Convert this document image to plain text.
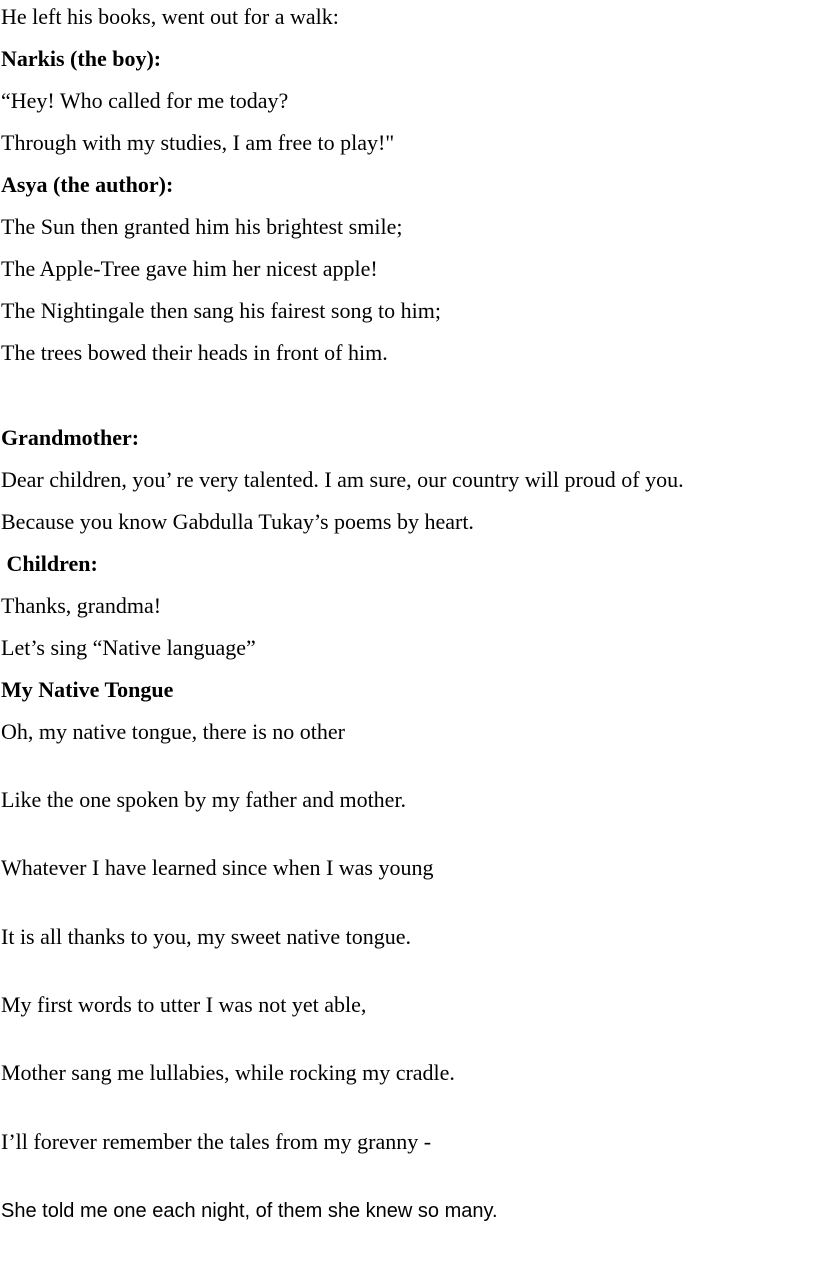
He left his books, went out for a walk:

Narkis (the boy):

“Hey! Who called for me today?

Through with my studies, I am free to play!"

Asya (the author):

The Sun then granted him his brightest smile;

The Apple-Tree gave him her nicest apple!

The Nightingale then sang his fairest song to him;

The trees bowed their heads in front of him.

Grandmother:

Dear children, you’ re very talented. I am sure, our country will proud of you.

Because you know Gabdulla Tukay’s poems by heart.

Children:

Thanks, grandma!

Let’s sing “Native language”

My Native Tongue

Oh, my native tongue, there is no other

Like the one spoken by my father and mother.

Whatever I have learned since when I was young

It is all thanks to you, my sweet native tongue.

My first words to utter I was not yet able,

Mother sang me lullabies, while rocking my cradle.

I’ll forever remember the tales from my granny -

She told me one each night, of them she knew so many.
